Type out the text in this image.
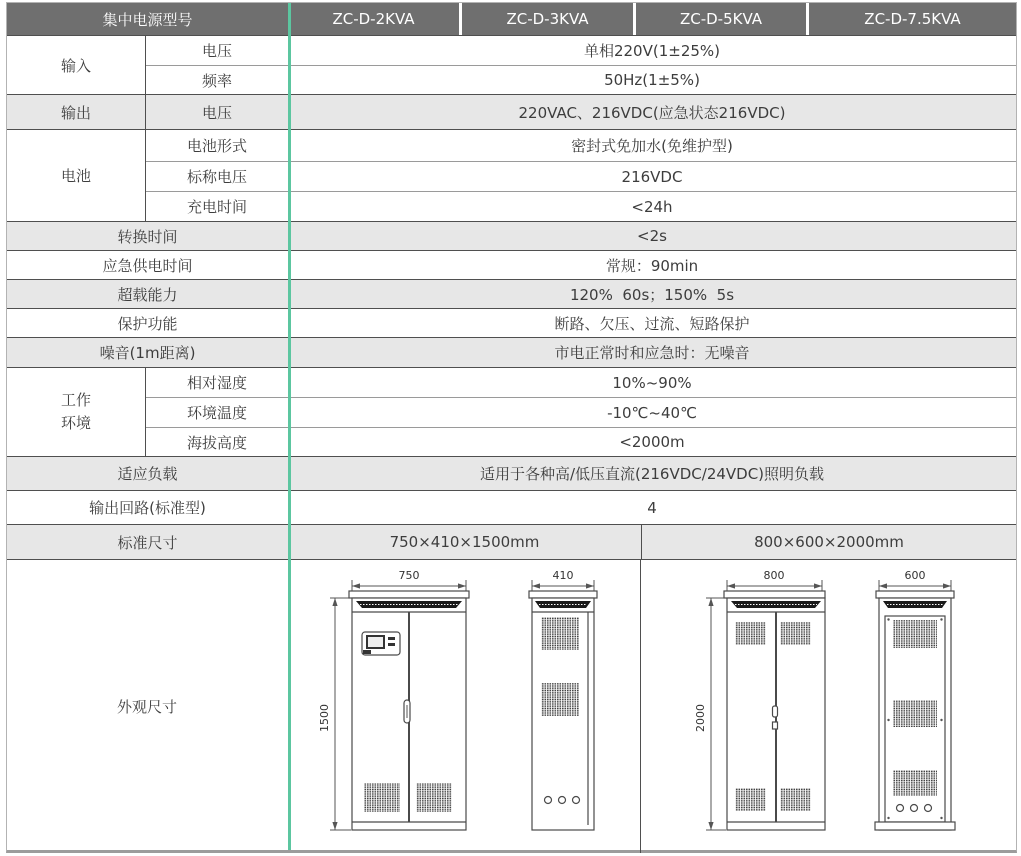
集中电源型号	ZC-D-2KVA	ZC-D-3KVA	ZC-D-5KVA	ZC-D-7.5KVA
输入
电压	单相220V(1±25%)
频率	50Hz(1±5%)
输出	电压	220VAC、216VDC(应急状态216VDC)
电池
电池形式	密封式免加水(免维护型)
标称电压	216VDC
充电时间	<24h
转换时间	<2s
应急供电时间	常规：90min
超载能力	120%  60s；150%  5s
保护功能	断路、欠压、过流、短路保护
噪音(1m距离)	市电正常时和应急时：无噪音
工作
环境
相对湿度	10%~90%
环境温度	-10℃~40℃
海拔高度	<2000m
适应负载	适用于各种高/低压直流(216VDC/24VDC)照明负载
输出回路(标准型)	4
标准尺寸	750×410×1500mm	800×600×2000mm
外观尺寸
750
1500
410	800
2000
600
